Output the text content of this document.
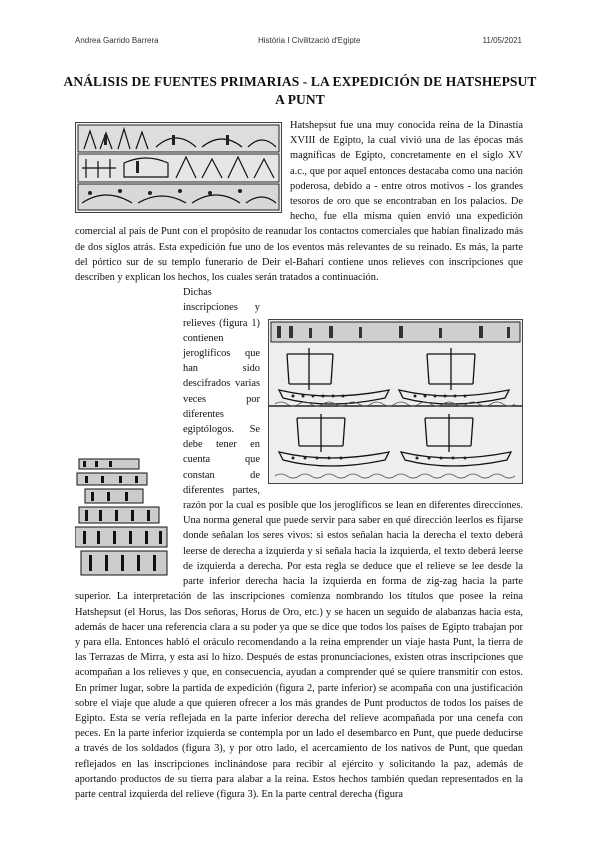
Andrea Garrido Barrera	Història I Civilització d'Egipte	11/05/2021
ANÁLISIS DE FUENTES PRIMARIAS - LA EXPEDICIÓN DE HATSHEPSUT A PUNT

Hatshepsut fue una muy conocida reina de la Dinastía XVIII de Egipto, la cual vivió una de las épocas más magníficas de Egipto, concretamente en el siglo XV a.c., que por aquel entonces destacaba como una nación poderosa, debido a - entre otros motivos - los grandes tesoros de oro que se encontraban en los palacios. De hecho, fue ella misma quien envió una expedición comercial al país de Punt con el propósito de reanudar los contactos comerciales que habían finalizado más de dos siglos atrás. Esta expedición fue uno de los eventos más relevantes de su reinado. Es más, la parte del pórtico sur de su templo funerario de Deir el-Bahari contiene unos relieves con inscripciones que describen y explican los hechos, los cuales serán tratados a continuación.

Dichas inscripciones y relieves (figura 1) contienen jeroglíficos que han sido descifrados varias veces por diferentes egiptólogos. Se debe tener en cuenta que constan de diferentes partes, razón por la cual es posible que los jeroglíficos se lean en diferentes direcciones. Una norma general que puede servir para saber en qué dirección leerlos es fijarse donde señalan los seres vivos: si estos señalan hacia la derecha el texto deberá leerse de derecha a izquierda y si señala hacia la izquierda, el texto deberá leerse de izquierda a derecha. Por esta regla se deduce que el relieve se lee desde la parte inferior derecha hacia la izquierda en forma de zig-zag hacia la parte superior. La interpretación de las inscripciones comienza nombrando los títulos que posee la reina Hatshepsut (el Horus, las Dos señoras, Horus de Oro, etc.) y se hacen un seguido de alabanzas hacia esta, además de hacer una referencia clara a su poder ya que se dice que todos los países de Egipto trabajan por y para ella. Entonces habló el oráculo recomendando a la reina emprender un viaje hasta Punt, la tierra de las Terrazas de Mirra, y esta así lo hizo. Después de estas pronunciaciones, existen otras inscripciones que acompañan a los relieves y que, en consecuencia, ayudan a comprender qué se quiere transmitir con estos. En primer lugar, sobre la partida de expedición (figura 2, parte inferior) se acompaña con una justificación sobre el viaje que alude a que quieren ofrecer a los más grandes de Punt productos de todos los países de Egipto. Esta se vería reflejada en la parte inferior derecha del relieve acompañada por una cenefa con peces. En la parte inferior izquierda se contempla por un lado el desembarco en Punt, que puede deducirse a través de los soldados (figura 3), y por otro lado, el acercamiento de los nativos de Punt, que quedan reflejados en las inscripciones inclinándose para recibir al ejército y solicitando la paz, además de aportando productos de su tierra para alabar a la reina. Estos hechos también quedan representados en la parte central izquierda del relieve (figura 3). En la parte central derecha (figura
